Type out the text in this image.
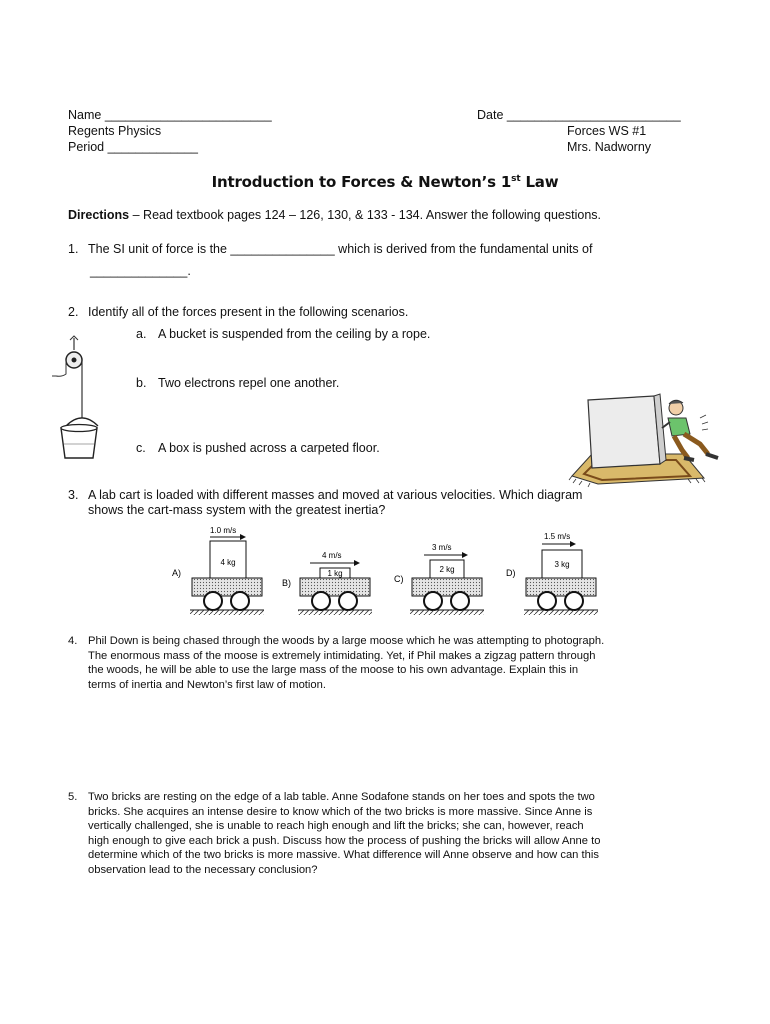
Name ________________________	Date _________________________
Regents Physics	Forces WS #1
Period _____________	Mrs. Nadworny
Introduction to Forces & Newton’s 1st Law
Directions – Read textbook pages 124 – 126, 130, & 133 - 134. Answer the following questions.
1. The SI unit of force is the _______________ which is derived from the fundamental units of
______________.
2. Identify all of the forces present in the following scenarios.
a. A bucket is suspended from the ceiling by a rope.
b. Two electrons repel one another.
c. A box is pushed across a carpeted floor.
3. A lab cart is loaded with different masses and moved at various velocities. Which diagram
shows the cart-mass system with the greatest inertia?
A)
1.0 m/s
4 kg
B)
4 m/s
1 kg
C)
3 m/s
2 kg	D)
1.5 m/s
3 kg
4. Phil Down is being chased through the woods by a large moose which he was attempting to photograph.
The enormous mass of the moose is extremely intimidating. Yet, if Phil makes a zigzag pattern through
the woods, he will be able to use the large mass of the moose to his own advantage. Explain this in
terms of inertia and Newton’s first law of motion.
5. Two bricks are resting on the edge of a lab table. Anne Sodafone stands on her toes and spots the two
bricks. She acquires an intense desire to know which of the two bricks is more massive. Since Anne is
vertically challenged, she is unable to reach high enough and lift the bricks; she can, however, reach
high enough to give each brick a push. Discuss how the process of pushing the bricks will allow Anne to
determine which of the two bricks is more massive. What difference will Anne observe and how can this
observation lead to the necessary conclusion?
